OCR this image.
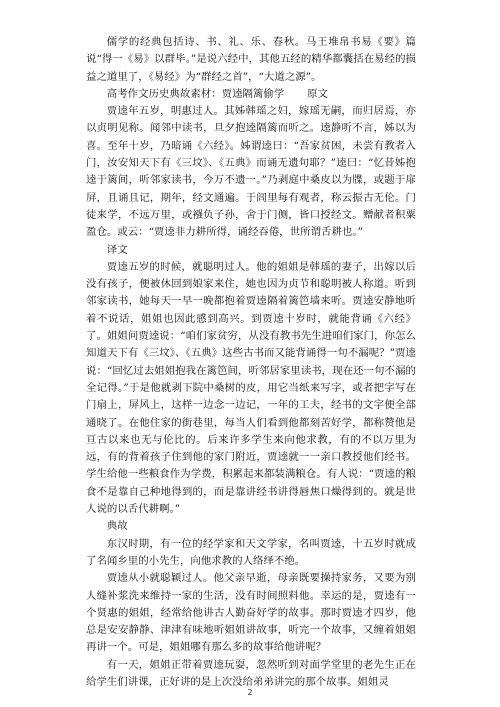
儒学的经典包括诗、书、礼、乐、春秋。马王堆帛书易《要》篇说“得一《易》以群毕。”是说六经中，其他五经的精华都囊括在易经的损益之道里了，《易经》为“群经之首”，“大道之源”。

高考作文历史典故素材：贾逵隔篱偷学 原文

贾逵年五岁，明惠过人。其姊韩瑶之妇，嫁瑶无嗣，而归居焉，亦以贞明见称。闻邻中读书，旦夕抱逵隔篱而听之。逵静听不言，姊以为喜。至年十岁，乃暗诵《六经》。姊谓逵曰：“吾家贫困，未尝有教者入门，汝安知天下有《三坟》、《五典》而诵无遗句耶？”逵曰：“忆昔姊抱逵于篱间，听邻家读书，今万不遗一。”乃剥庭中桑皮以为牒，或题于扉屏，且诵且记，期年，经文通遍。于闾里每有观者，称云振古无伦。门徒来学，不远万里，或襁负子孙，舍于门侧，皆口授经文。赠献者积粟盈仓。或云：“贾逵非力耕所得，诵经吞倦，世所谓舌耕也。”

译文

贾逵五岁的时候，就聪明过人。他的姐姐是韩瑶的妻子，出嫁以后没有孩子，便被休回到娘家来住，她也因为贞节和聪明被人称道。听到邻家读书，她每天一早一晚都抱着贾逵隔着篱笆墙来听。贾逵安静地听着不说话，姐姐也因此感到高兴。到贾逵十岁时，就能背诵《六经》了。姐姐问贾逵说：“咱们家贫穷，从没有教书先生进咱们家门，你怎么知道天下有《三坟》、《五典》这些古书而又能背诵得一句不漏呢？”贾逵说：“回忆过去姐姐抱我在篱笆间，听邻居家里读书，现在还一句不漏的全记得。”于是他就剥下院中桑树的皮，用它当纸来写字，或者把字写在门扇上，屏风上，这样一边念一边记，一年的工夫，经书的文字便全部通晓了。在他住家的街巷里，每当人们看到他都刻苦好学，都称赞他是亘古以来也无与伦比的。后来许多学生来向他求教，有的不以万里为远，有的背着孩子住到他的家门附近，贾逵就一一亲口教授他们经书。学生给他一些粮食作为学费，积累起来都装满粮仓。有人说：“贾逵的粮食不是靠自己种地得到的，而是靠讲经书讲得唇焦口燥得到的。就是世人说的以舌代耕啊。”

典故

东汉时期，有一位的经学家和天文学家，名叫贾逵，十五岁时就成了名闻乡里的小先生，向他求教的人络绎不绝。

贾逵从小就聪颖过人。他父亲早逝，母亲既要操持家务，又要为别人缝补浆洗来维持一家的生活，没有时间照料他。幸运的是，贾逵有一个贤惠的姐姐，经常给他讲古人勤奋好学的故事。那时贾逵才四岁，他总是安安静静、津津有味地听姐姐讲故事，听完一个故事，又缠着姐姐再讲一个。可是，姐姐哪有那么多的故事给他讲呢？

有一天，姐姐正带着贾逵玩耍，忽然听到对面学堂里的老先生正在给学生们讲课，正好讲的是上次没给弟弟讲完的那个故事。姐姐灵

2
